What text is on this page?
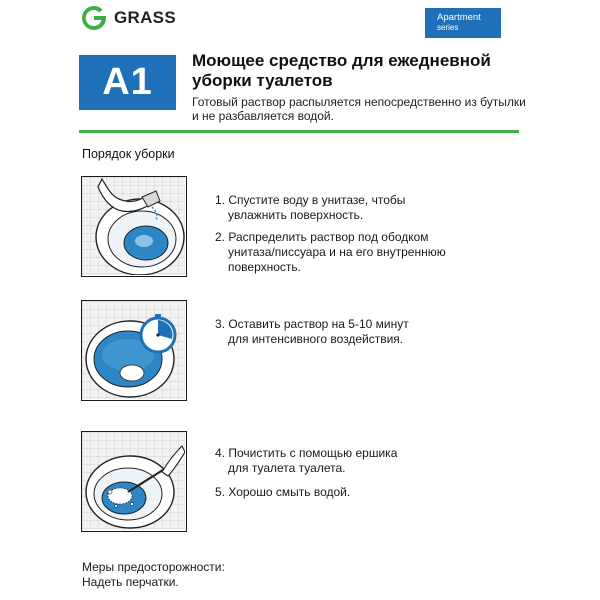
GRASS	Apartment
series
A1
Моющее средство для ежедневной
уборки туалетов
Готовый раствор распыляется непосредственно из бутылки
и не разбавляется водой.
Порядок уборки
1. Спустите воду в унитазе, чтобы
увлажнить поверхность.
2. Распределить раствор под ободком
унитаза/писсуара и на его внутреннюю
поверхность.
3. Оставить раствор на 5-10 минут
для интенсивного воздействия.
4. Почистить с помощью ершика
для туалета туалета.
5. Хорошо смыть водой.
Меры предосторожности:
Надеть перчатки.
